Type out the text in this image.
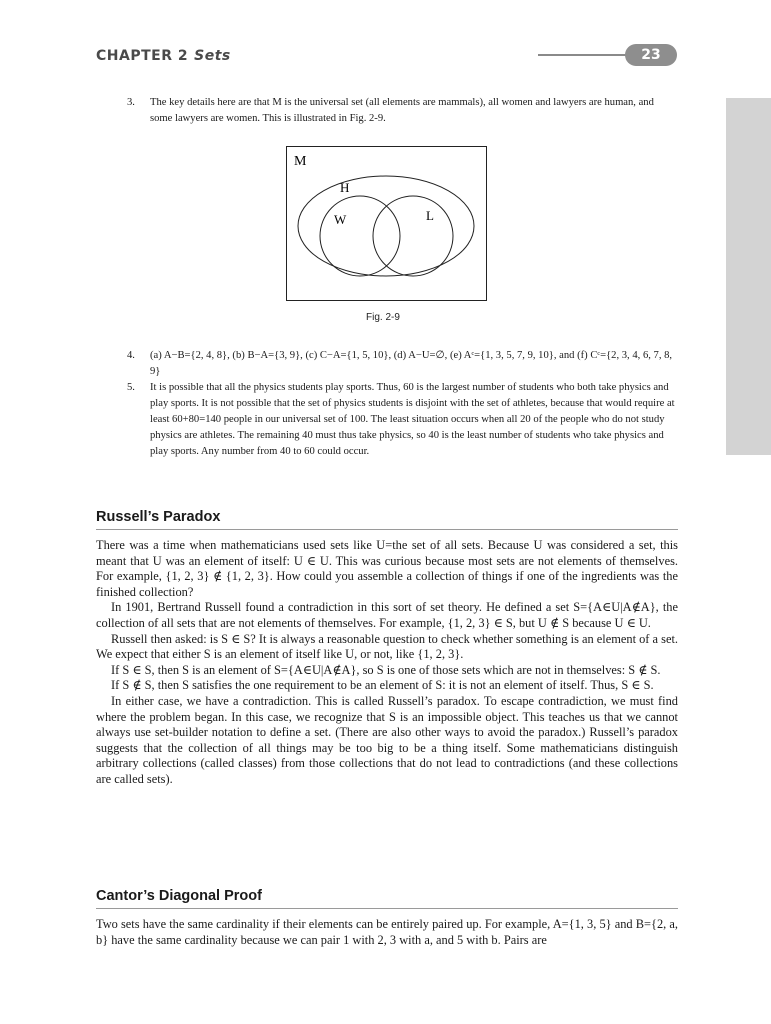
CHAPTER 2 Sets	23
3. The key details here are that M is the universal set (all elements are mammals), all women and lawyers are human, and some lawyers are women. This is illustrated in Fig. 2-9.
M
H
W	L
Fig. 2-9
4. (a) A−B={2, 4, 8}, (b) B−A={3, 9}, (c) C−A={1, 5, 10}, (d) A−U=∅, (e) Aᶜ={1, 3, 5, 7, 9, 10}, and (f) Cᶜ={2, 3, 4, 6, 7, 8, 9}
5. It is possible that all the physics students play sports. Thus, 60 is the largest number of students who both take physics and play sports. It is not possible that the set of physics students is disjoint with the set of athletes, because that would require at least 60+80=140 people in our universal set of 100. The least situation occurs when all 20 of the people who do not study physics are athletes. The remaining 40 must thus take physics, so 40 is the least number of students who take physics and play sports. Any number from 40 to 60 could occur.
Russell’s Paradox

There was a time when mathematicians used sets like U=the set of all sets. Because U was considered a set, this meant that U was an element of itself: U ∈ U. This was curious because most sets are not elements of themselves. For example, {1, 2, 3} ∉ {1, 2, 3}. How could you assemble a collection of things if one of the ingredients was the finished collection?

In 1901, Bertrand Russell found a contradiction in this sort of set theory. He defined a set S={A∈U|A∉A}, the collection of all sets that are not elements of themselves. For example, {1, 2, 3} ∈ S, but U ∉ S because U ∈ U.

Russell then asked: is S ∈ S? It is always a reasonable question to check whether something is an element of a set. We expect that either S is an element of itself like U, or not, like {1, 2, 3}.

If S ∈ S, then S is an element of S={A∈U|A∉A}, so S is one of those sets which are not in themselves: S ∉ S.

If S ∉ S, then S satisfies the one requirement to be an element of S: it is not an element of itself. Thus, S ∈ S.

In either case, we have a contradiction. This is called Russell’s paradox. To escape contradiction, we must find where the problem began. In this case, we recognize that S is an impossible object. This teaches us that we cannot always use set-builder notation to define a set. (There are also other ways to avoid the paradox.) Russell’s paradox suggests that the collection of all things may be too big to be a thing itself. Some mathematicians distinguish arbitrary collections (called classes) from those collections that do not lead to contradictions (and these collections are called sets).

Cantor’s Diagonal Proof

Two sets have the same cardinality if their elements can be entirely paired up. For example, A={1, 3, 5} and B={2, a, b} have the same cardinality because we can pair 1 with 2, 3 with a, and 5 with b. Pairs are
